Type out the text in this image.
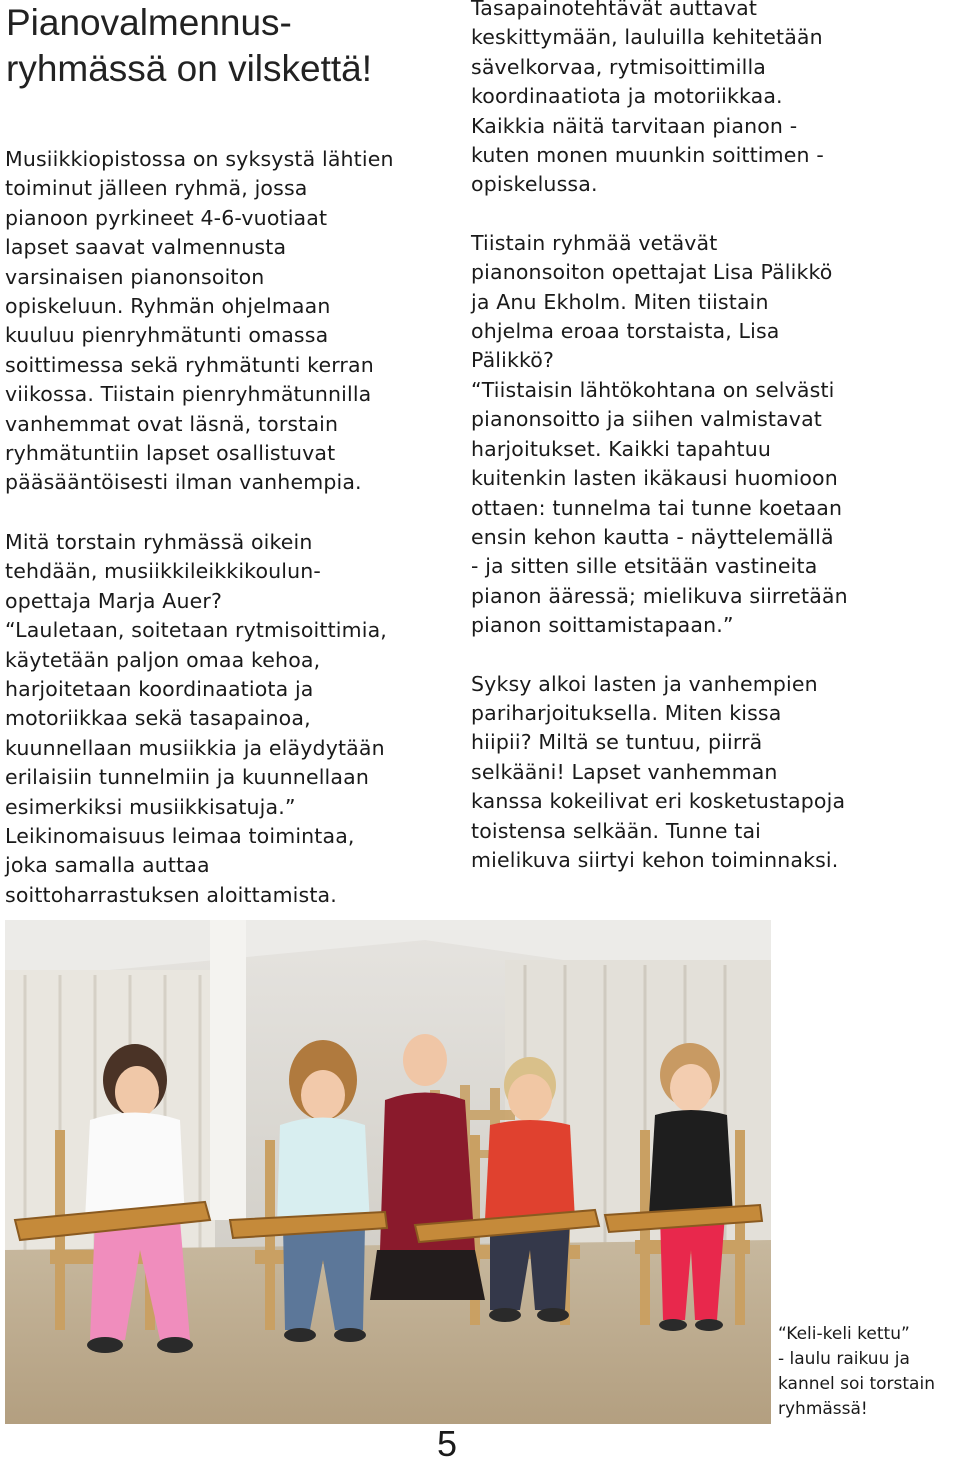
Pianovalmennus-
ryhmässä on vilskettä!

Musiikkiopistossa on syksystä lähtien
toiminut jälleen ryhmä, jossa
pianoon pyrkineet 4-6-vuotiaat
lapset saavat valmennusta
varsinaisen pianonsoiton
opiskeluun. Ryhmän ohjelmaan
kuuluu pienryhmätunti omassa
soittimessa sekä ryhmätunti kerran
viikossa. Tiistain pienryhmätunnilla
vanhemmat ovat läsnä, torstain
ryhmätuntiin lapset osallistuvat
pääsääntöisesti ilman vanhempia.

Mitä torstain ryhmässä oikein
tehdään, musiikkileikkikoulun-
opettaja Marja Auer?
“Lauletaan, soitetaan rytmisoittimia,
käytetään paljon omaa kehoa,
harjoitetaan koordinaatiota ja
motoriikkaa sekä tasapainoa,
kuunnellaan musiikkia ja eläydytään
erilaisiin tunnelmiin ja kuunnellaan
esimerkiksi musiikkisatuja.”
Leikinomaisuus leimaa toimintaa,
joka samalla auttaa
soittoharrastuksen aloittamista.

Tasapainotehtävät auttavat
keskittymään, lauluilla kehitetään
sävelkorvaa, rytmisoittimilla
koordinaatiota ja motoriikkaa.
Kaikkia näitä tarvitaan pianon -
kuten monen muunkin soittimen -
opiskelussa.

Tiistain ryhmää vetävät
pianonsoiton opettajat Lisa Pälikkö
ja Anu Ekholm. Miten tiistain
ohjelma eroaa torstaista, Lisa
Pälikkö?
“Tiistaisin lähtökohtana on selvästi
pianonsoitto ja siihen valmistavat
harjoitukset. Kaikki tapahtuu
kuitenkin lasten ikäkausi huomioon
ottaen: tunnelma tai tunne koetaan
ensin kehon kautta - näyttelemällä
- ja sitten sille etsitään vastineita
pianon ääressä; mielikuva siirretään
pianon soittamistapaan.”

Syksy alkoi lasten ja vanhempien
pariharjoituksella. Miten kissa
hiipii? Miltä se tuntuu, piirrä
selkääni! Lapset vanhemman
kanssa kokeilivat eri kosketustapoja
toistensa selkään. Tunne tai
mielikuva siirtyi kehon toiminnaksi.

“Keli-keli kettu”
- laulu raikuu ja
kannel soi torstain
ryhmässä!

5
